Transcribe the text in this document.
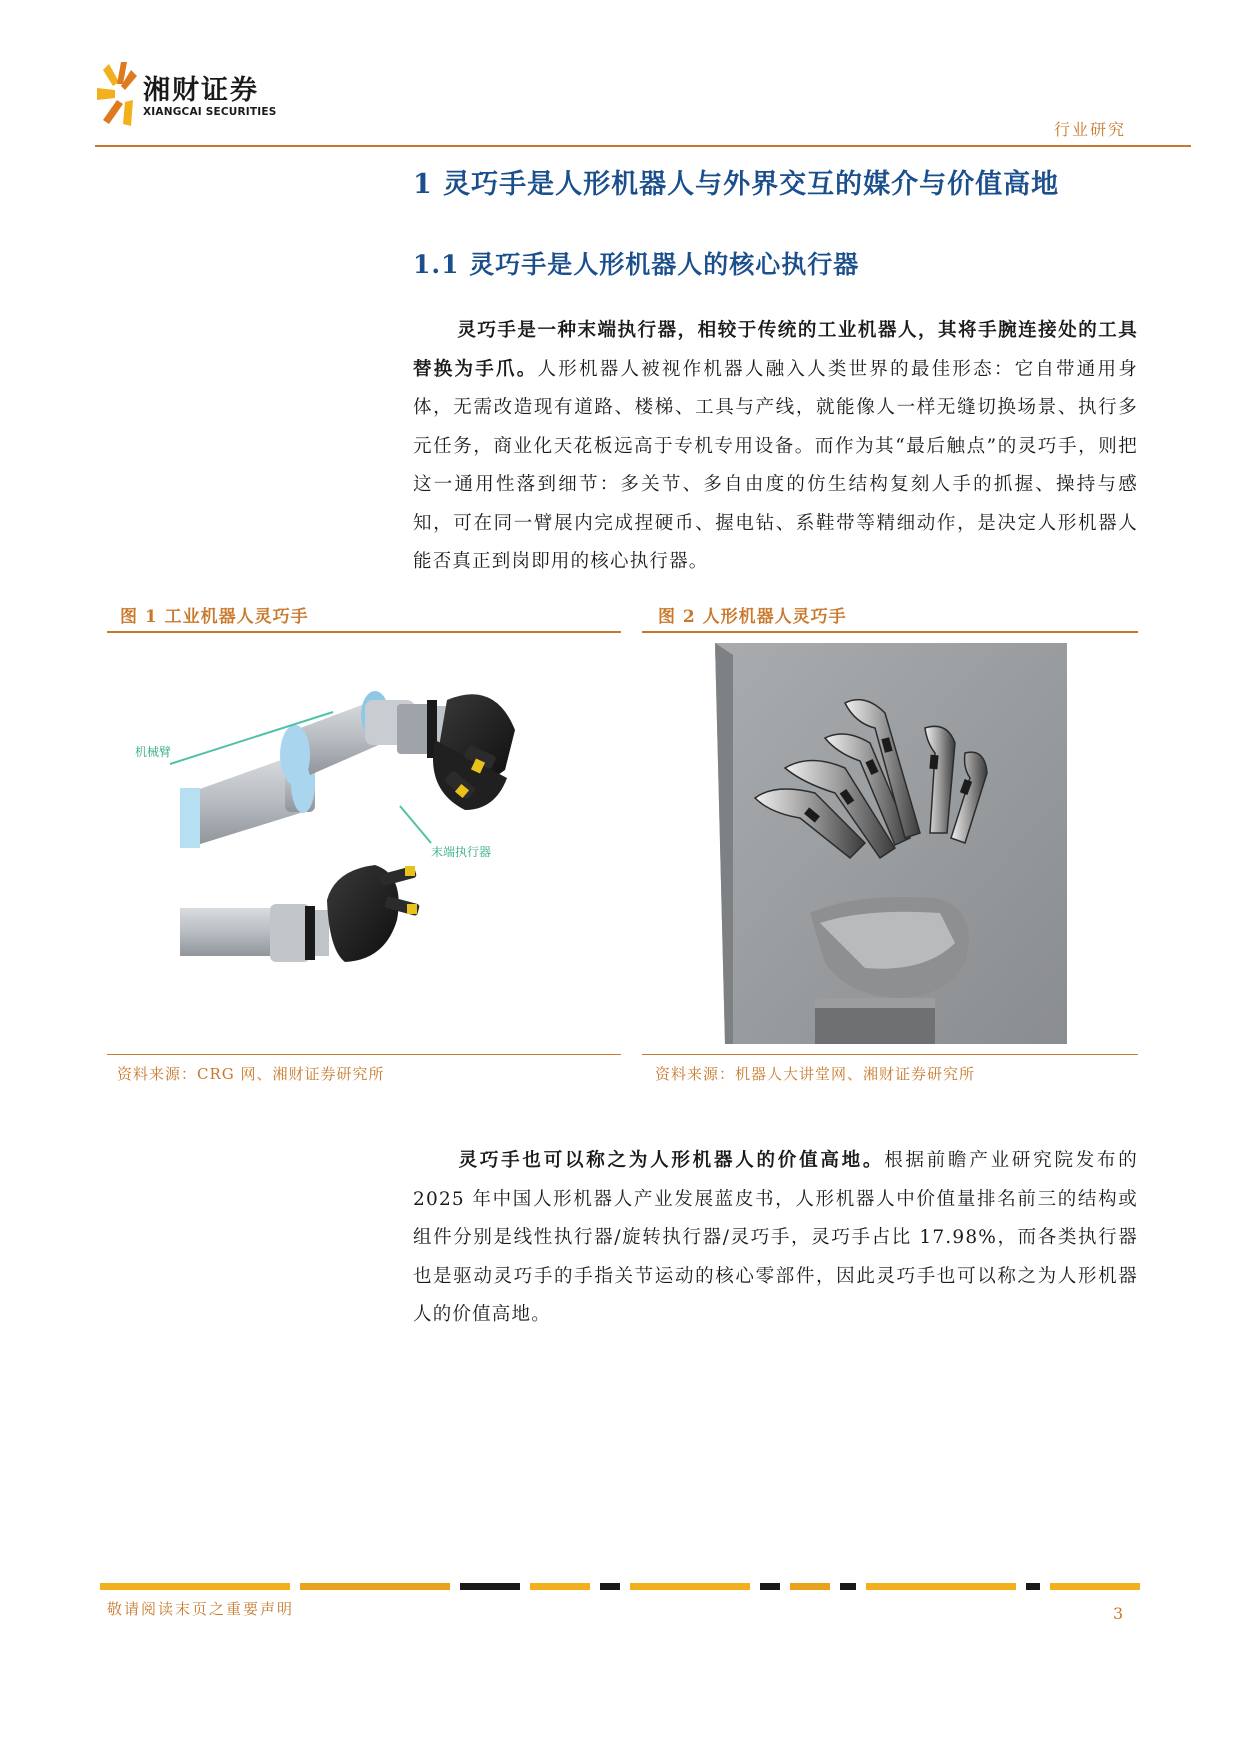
湘财证券
XIANGCAI SECURITIES
行业研究
1 灵巧手是人形机器人与外界交互的媒介与价值高地
1.1 灵巧手是人形机器人的核心执行器
灵巧手是一种末端执行器，相较于传统的工业机器人，其将手腕连接处的工具替换为手爪。人形机器人被视作机器人融入人类世界的最佳形态：它自带通用身体，无需改造现有道路、楼梯、工具与产线，就能像人一样无缝切换场景、执行多元任务，商业化天花板远高于专机专用设备。而作为其“最后触点”的灵巧手，则把这一通用性落到细节：多关节、多自由度的仿生结构复刻人手的抓握、操持与感知，可在同一臂展内完成捏硬币、握电钻、系鞋带等精细动作，是决定人形机器人能否真正到岗即用的核心执行器。
图 1 工业机器人灵巧手
机械臂
末端执行器
资料来源：CRG 网、湘财证券研究所
图 2 人形机器人灵巧手
资料来源：机器人大讲堂网、湘财证券研究所
灵巧手也可以称之为人形机器人的价值高地。根据前瞻产业研究院发布的 2025 年中国人形机器人产业发展蓝皮书，人形机器人中价值量排名前三的结构或组件分别是线性执行器/旋转执行器/灵巧手，灵巧手占比 17.98%，而各类执行器也是驱动灵巧手的手指关节运动的核心零部件，因此灵巧手也可以称之为人形机器人的价值高地。
敬请阅读末页之重要声明	3
